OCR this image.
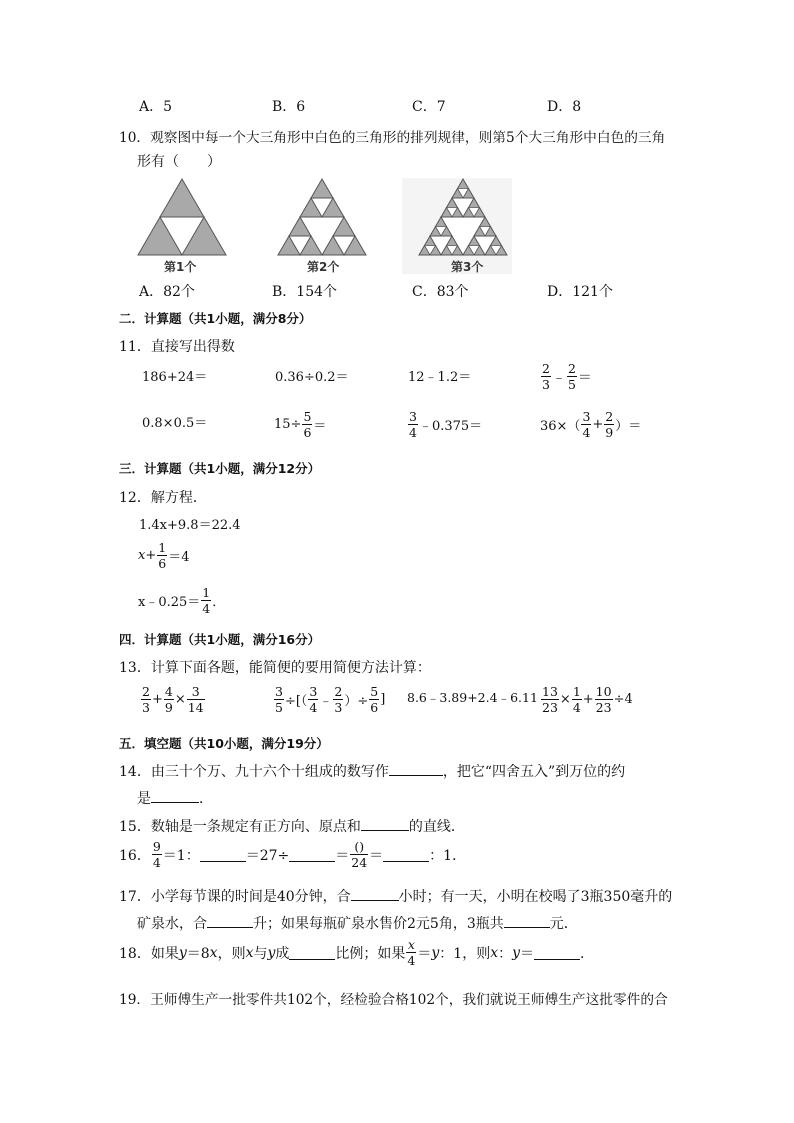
A．5	B．6	C．7	D．8
10．观察图中每一个大三角形中白色的三角形的排列规律，则第5个大三角形中白色的三角
形有（　　）
第1个	第2个	第3个
A．82个	B．154个	C．83个	D．121个
二．计算题（共1小题，满分8分）
11．直接写出得数
186+24＝	0.36÷0.2＝	12﹣1.2＝	$\frac{2}{3}$ ﹣ $\frac{2}{5}$ ＝
0.8×0.5＝	$15\div \frac{5}{6}$ ＝	$\frac{3}{4}$ ﹣0.375＝	$36\times( \frac{3}{4} + \frac{2}{9}$ ）＝
三．计算题（共1小题，满分12分）
12．解方程．
1.4x+9.8＝22.4
$x+ \frac{1}{6} =4$
x﹣0.25＝ $\frac{1}{4}$ ．
四．计算题（共1小题，满分16分）
13．计算下面各题，能简便的要用简便方法计算：
$\frac{2}{3} + \frac{4}{9} \times \frac{3}{14}$	$\frac{3}{5}$ ÷[（ $\frac{3}{4}$ ﹣ $\frac{2}{3}$ ）÷ $\frac{5}{6}$ ] 8.6﹣3.89+2.4﹣6.11 $\frac{13}{23} \times \frac{1}{4} + \frac{10}{23} \div 4$
五．填空题（共10小题，满分19分）
14．由三十个万、九十六个十组成的数写作	，把它“四舍五入”到万位的约
是	．
15．数轴是一条规定有正方向、原点和	的直线．
16． $\frac{9}{4} =1$：	＝27÷	＝ $\frac{()}{24}$ ＝	：1．
17．小学每节课的时间是40分钟，合	小时；有一天，小明在校喝了3瓶350毫升的
矿泉水，合	升；如果每瓶矿泉水售价2元5角，3瓶共	元．
18．如果 y ＝8 x ，则 x 与 y 成	比例；如果 $\frac{x}{4} = y$ ：1，则 x ： y ＝	．
19．王师傅生产一批零件共102个，经检验合格102个，我们就说王师傅生产这批零件的合
